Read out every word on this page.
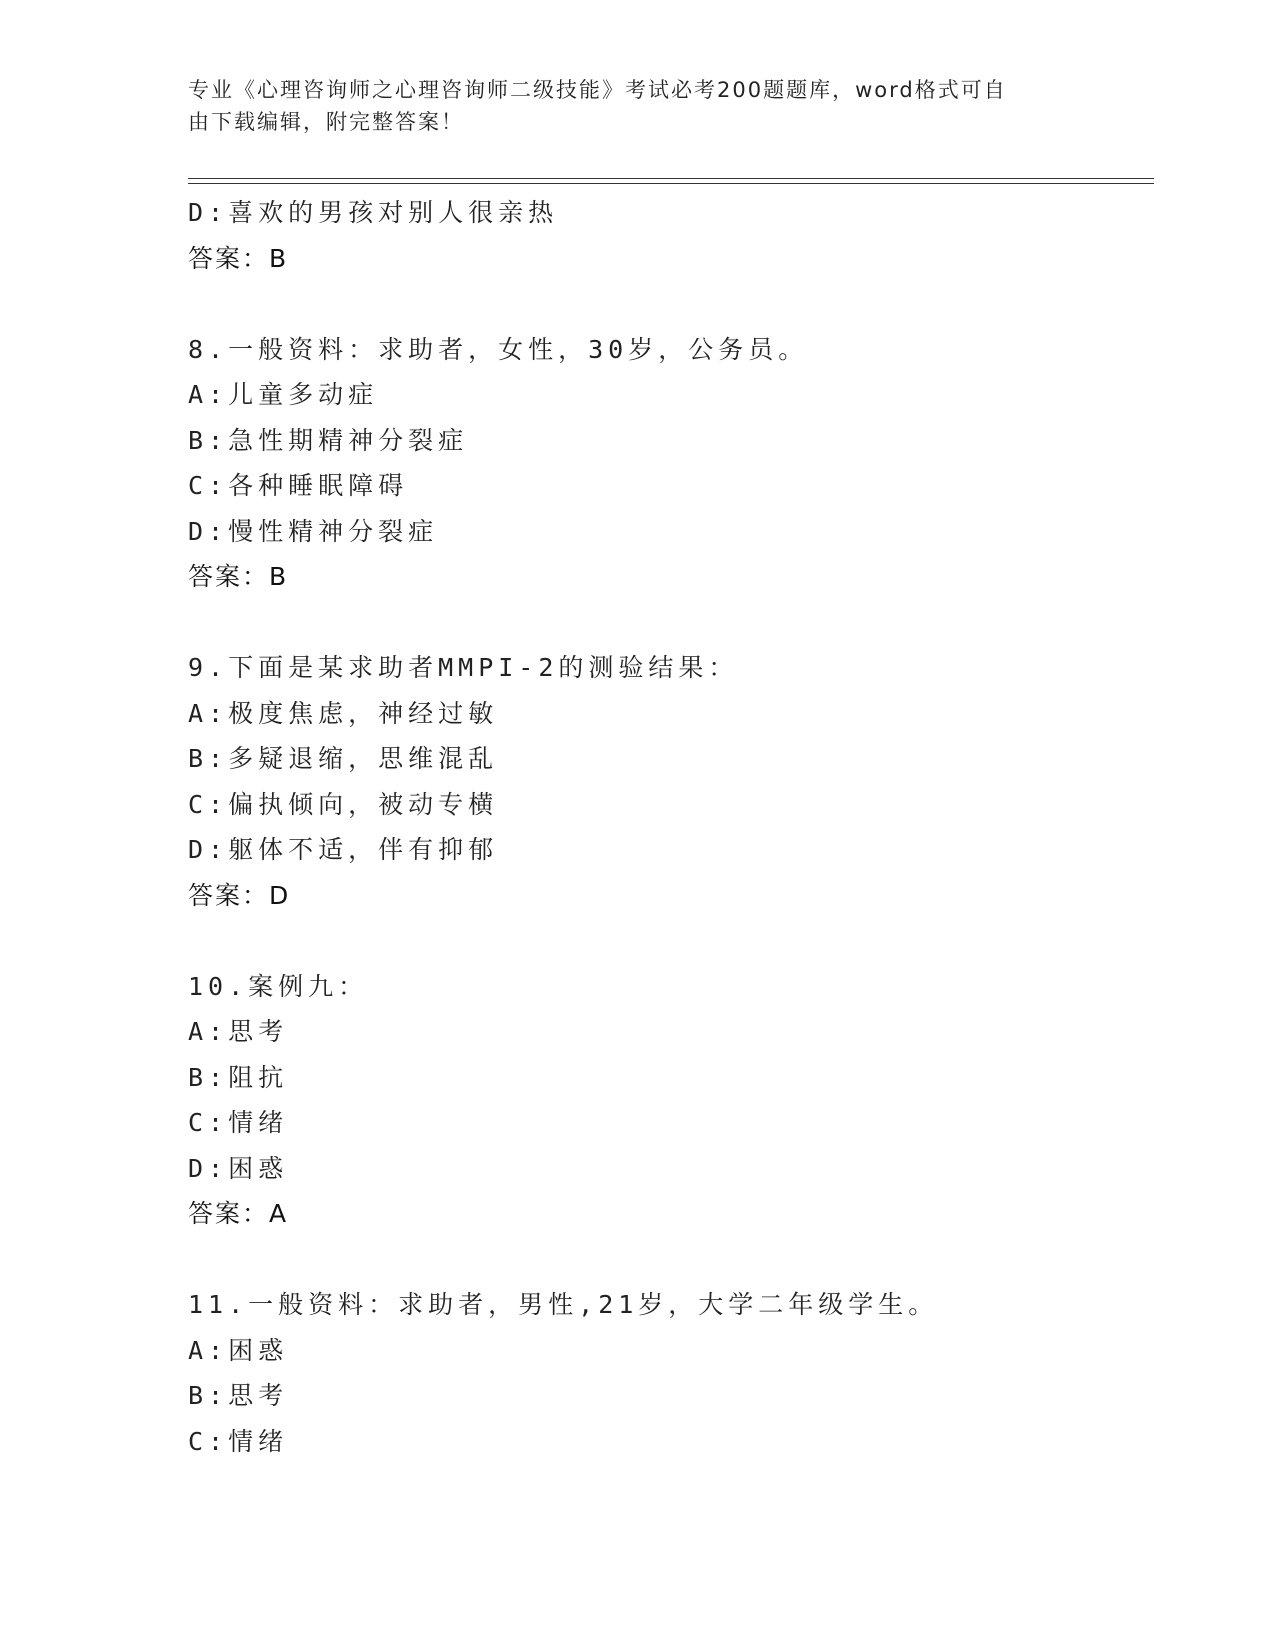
专业《心理咨询师之心理咨询师二级技能》考试必考200题题库，word格式可自
由下载编辑，附完整答案！
D:喜欢的男孩对别人很亲热
答案：B
8.一般资料：求助者，女性，30岁，公务员。
A:儿童多动症
B:急性期精神分裂症
C:各种睡眠障碍
D:慢性精神分裂症
答案：B
9.下面是某求助者MMPI-2的测验结果：
A:极度焦虑，神经过敏
B:多疑退缩，思维混乱
C:偏执倾向，被动专横
D:躯体不适，伴有抑郁
答案：D
10.案例九：
A:思考
B:阻抗
C:情绪
D:困惑
答案：A
11.一般资料：求助者，男性,21岁，大学二年级学生。
A:困惑
B:思考
C:情绪
